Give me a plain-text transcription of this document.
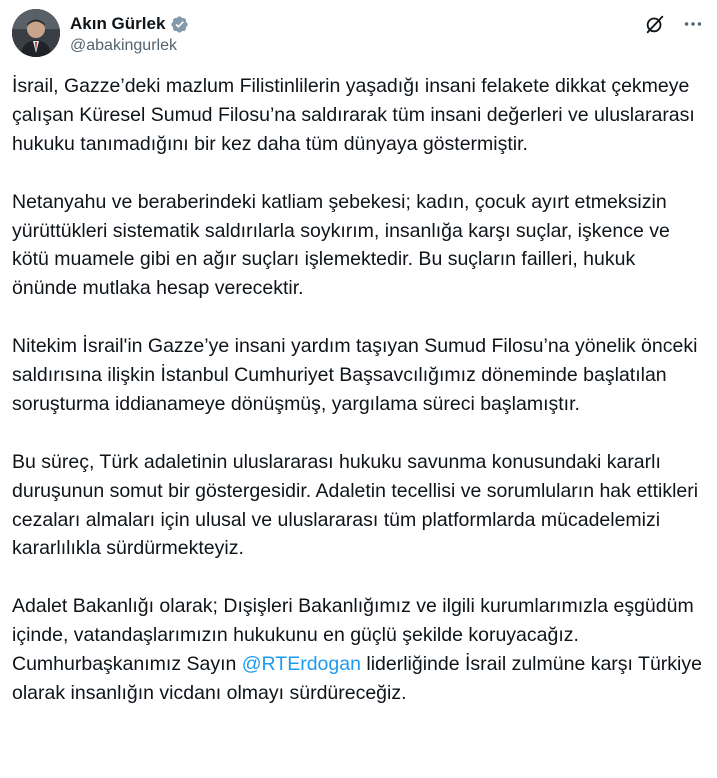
Akın Gürlek
@abakingurlek

İsrail, Gazze’deki mazlum Filistinlilerin yaşadığı insani felakete dikkat çekmeye çalışan Küresel Sumud Filosu’na saldırarak tüm insani değerleri ve uluslararası hukuku tanımadığını bir kez daha tüm dünyaya göstermiştir.

Netanyahu ve beraberindeki katliam şebekesi; kadın, çocuk ayırt etmeksizin yürüttükleri sistematik saldırılarla soykırım, insanlığa karşı suçlar, işkence ve kötü muamele gibi en ağır suçları işlemektedir. Bu suçların failleri, hukuk önünde mutlaka hesap verecektir.

Nitekim İsrail'in Gazze’ye insani yardım taşıyan Sumud Filosu’na yönelik önceki saldırısına ilişkin İstanbul Cumhuriyet Başsavcılığımız döneminde başlatılan soruşturma iddianameye dönüşmüş, yargılama süreci başlamıştır.

Bu süreç, Türk adaletinin uluslararası hukuku savunma konusundaki kararlı duruşunun somut bir göstergesidir. Adaletin tecellisi ve sorumluların hak ettikleri cezaları almaları için ulusal ve uluslararası tüm platformlarda mücadelemizi kararlılıkla sürdürmekteyiz.

Adalet Bakanlığı olarak; Dışişleri Bakanlığımız ve ilgili kurumlarımızla eşgüdüm içinde, vatandaşlarımızın hukukunu en güçlü şekilde koruyacağız. Cumhurbaşkanımız Sayın @RTErdogan liderliğinde İsrail zulmüne karşı Türkiye olarak insanlığın vicdanı olmayı sürdüreceğiz.
